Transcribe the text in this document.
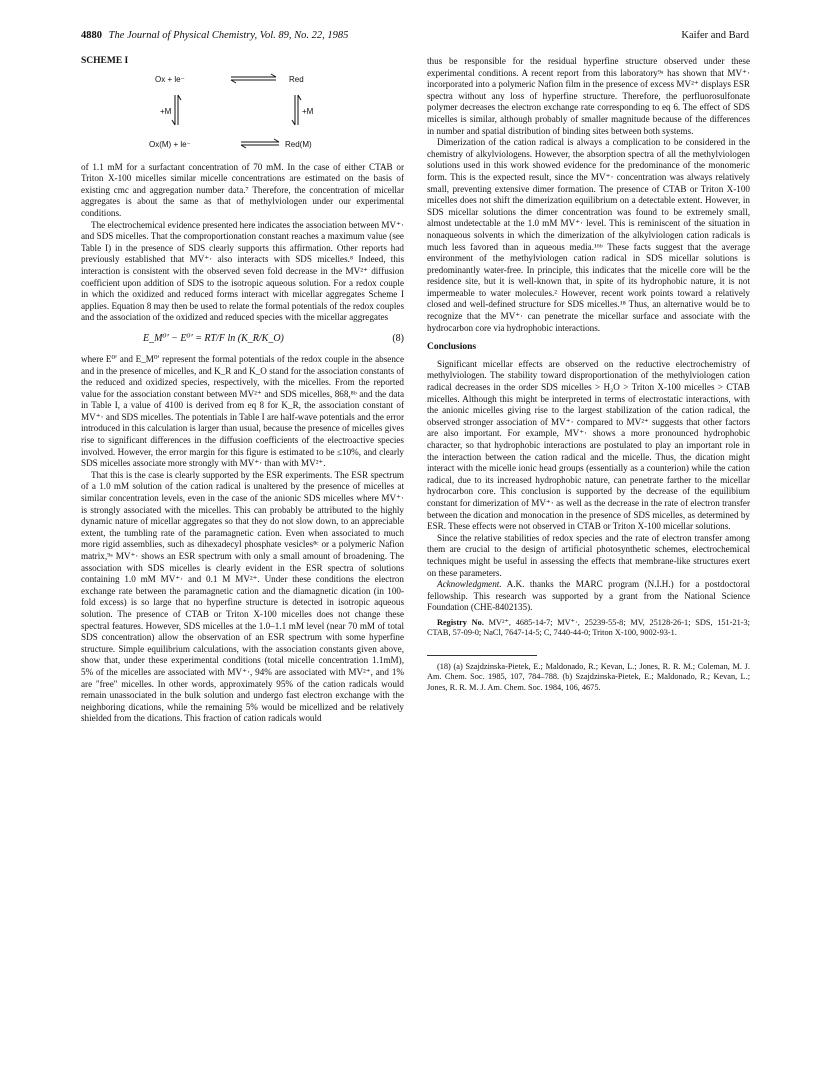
4880 The Journal of Physical Chemistry, Vol. 89, No. 22, 1985	Kaifer and Bard
SCHEME I
Ox + le⁻	Red
+M	+M
Ox(M) + le⁻	Red(M)

of 1.1 mM for a surfactant concentration of 70 mM. In the case of either CTAB or Triton X-100 micelles similar micelle concentrations are estimated on the basis of existing cmc and aggregation number data.⁷ Therefore, the concentration of micellar aggregates is about the same as that of methylviologen under our experimental conditions.

The electrochemical evidence presented here indicates the association between MV⁺· and SDS micelles. That the comproportionation constant reaches a maximum value (see Table I) in the presence of SDS clearly supports this affirmation. Other reports had previously established that MV⁺· also interacts with SDS micelles.⁸ Indeed, this interaction is consistent with the observed seven fold decrease in the MV²⁺ diffusion coefficient upon addition of SDS to the isotropic aqueous solution. For a redox couple in which the oxidized and reduced forms interact with micellar aggregates Scheme I applies. Equation 8 may then be used to relate the formal potentials of the redox couples and the association of the oxidized and reduced species with the micellar aggregates

E_M⁰′ − E⁰′ = RT/F ln (K_R/K_O)	(8)

where E⁰′ and E_M⁰′ represent the formal potentials of the redox couple in the absence and in the presence of micelles, and K_R and K_O stand for the association constants of the reduced and oxidized species, respectively, with the micelles. From the reported value for the association constant between MV²⁺ and SDS micelles, 868,⁸ᵇ and the data in Table I, a value of 4100 is derived from eq 8 for K_R, the association constant of MV⁺· and SDS micelles. The potentials in Table I are half-wave potentials and the error introduced in this calculation is larger than usual, because the presence of micelles gives rise to significant differences in the diffusion coefficients of the electroactive species involved. However, the error margin for this figure is estimated to be ≤10%, and clearly SDS micelles associate more strongly with MV⁺· than with MV²⁺.

That this is the case is clearly supported by the ESR experiments. The ESR spectrum of a 1.0 mM solution of the cation radical is unaltered by the presence of micelles at similar concentration levels, even in the case of the anionic SDS micelles where MV⁺· is strongly associated with the micelles. This can probably be attributed to the highly dynamic nature of micellar aggregates so that they do not slow down, to an appreciable extent, the tumbling rate of the paramagnetic cation. Even when associated to much more rigid assemblies, such as dihexadecyl phosphate vesicles⁸ᶜ or a polymeric Nafion matrix,⁹ᵃ MV⁺· shows an ESR spectrum with only a small amount of broadening. The association with SDS micelles is clearly evident in the ESR spectra of solutions containing 1.0 mM MV⁺· and 0.1 M MV²⁺. Under these conditions the electron exchange rate between the paramagnetic cation and the diamagnetic dication (in 100-fold excess) is so large that no hyperfine structure is detected in isotropic aqueous solution. The presence of CTAB or Triton X-100 micelles does not change these spectral features. However, SDS micelles at the 1.0–1.1 mM level (near 70 mM of total SDS concentration) allow the observation of an ESR spectrum with some hyperfine structure. Simple equilibrium calculations, with the association constants given above, show that, under these experimental conditions (total micelle concentration 1.1mM), 5% of the micelles are associated with MV⁺·, 94% are associated with MV²⁺, and 1% are "free" micelles. In other words, approximately 95% of the cation radicals would remain unassociated in the bulk solution and undergo fast electron exchange with the neighboring dications, while the remaining 5% would be micellized and be relatively shielded from the dications. This fraction of cation radicals would

thus be responsible for the residual hyperfine structure observed under these experimental conditions. A recent report from this laboratory⁹ᵃ has shown that MV⁺· incorporated into a polymeric Nafion film in the presence of excess MV²⁺ displays ESR spectra without any loss of hyperfine structure. Therefore, the perfluorosulfonate polymer decreases the electron exchange rate corresponding to eq 6. The effect of SDS micelles is similar, although probably of smaller magnitude because of the differences in number and spatial distribution of binding sites between both systems.

Dimerization of the cation radical is always a complication to be considered in the chemistry of alkylviologens. However, the absorption spectra of all the methylviologen solutions used in this work showed evidence for the predominance of the monomeric form. This is the expected result, since the MV⁺· concentration was always relatively small, preventing extensive dimer formation. The presence of CTAB or Triton X-100 micelles does not shift the dimerization equilibrium on a detectable extent. However, in SDS micellar solutions the dimer concentration was found to be extremely small, almost undetectable at the 1.0 mM MV⁺· level. This is reminiscent of the situation in nonaqueous solvents in which the dimerization of the alkylviologen cation radicals is much less favored than in aqueous media.¹⁶ᵇ These facts suggest that the average environment of the methylviologen cation radical in SDS micellar solutions is predominantly water-free. In principle, this indicates that the micelle core will be the residence site, but it is well-known that, in spite of its hydrophobic nature, it is not impermeable to water molecules.² However, recent work points toward a relatively closed and well-defined structure for SDS micelles.¹⁸ Thus, an alternative would be to recognize that the MV⁺· can penetrate the micellar surface and associate with the hydrocarbon core via hydrophobic interactions.

Conclusions

Significant micellar effects are observed on the reductive electrochemistry of methylviologen. The stability toward disproportionation of the methylviologen cation radical decreases in the order SDS micelles > H₂O > Triton X-100 micelles > CTAB micelles. Although this might be interpreted in terms of electrostatic interactions, with the anionic micelles giving rise to the largest stabilization of the cation radical, the observed stronger association of MV⁺· compared to MV²⁺ suggests that other factors are also important. For example, MV⁺· shows a more pronounced hydrophobic character, so that hydrophobic interactions are postulated to play an important role in the interaction between the cation radical and the micelle. Thus, the dication might interact with the micelle ionic head groups (essentially as a counterion) while the cation radical, due to its increased hydrophobic nature, can penetrate farther to the micellar hydrocarbon core. This conclusion is supported by the decrease of the equilibium constant for dimerization of MV⁺· as well as the decrease in the rate of electron transfer between the dication and monocation in the presence of SDS micelles, as determined by ESR. These effects were not observed in CTAB or Triton X-100 micellar solutions.

Since the relative stabilities of redox species and the rate of electron transfer among them are crucial to the design of artificial photosynthetic schemes, electrochemical techniques might be useful in assessing the effects that membrane-like structures exert on these parameters.

Acknowledgment. A.K. thanks the MARC program (N.I.H.) for a postdoctoral fellowship. This research was supported by a grant from the National Science Foundation (CHE-8402135).

Registry No. MV²⁺, 4685-14-7; MV⁺·, 25239-55-8; MV, 25128-26-1; SDS, 151-21-3; CTAB, 57-09-0; NaCl, 7647-14-5; C, 7440-44-0; Triton X-100, 9002-93-1.
(18) (a) Szajdzinska-Pietek, E.; Maldonado, R.; Kevan, L.; Jones, R. R. M.; Coleman, M. J. Am. Chem. Soc. 1985, 107, 784–788. (b) Szajdzinska-Pietek, E.; Maldonado, R.; Kevan, L.; Jones, R. R. M. J. Am. Chem. Soc. 1984, 106, 4675.
